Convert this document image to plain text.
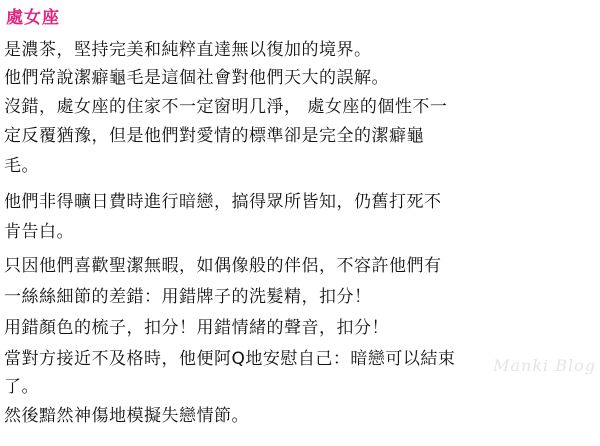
處女座
是濃茶，堅持完美和純粹直達無以復加的境界。
他們常說潔癖龜毛是這個社會對他們天大的誤解。
沒錯，處女座的住家不一定窗明几淨， 處女座的個性不一
定反覆猶豫，但是他們對愛情的標準卻是完全的潔癖龜
毛。
他們非得曠日費時進行暗戀，搞得眾所皆知，仍舊打死不
肯告白。
只因他們喜歡聖潔無暇，如偶像般的伴侶，不容許他們有
一絲絲細節的差錯：用錯牌子的洗髮精，扣分！
用錯顏色的梳子，扣分！用錯情緒的聲音，扣分！
當對方接近不及格時，他便阿Q地安慰自己：暗戀可以結束
了。
然後黯然神傷地模擬失戀情節。
Manki Blog
